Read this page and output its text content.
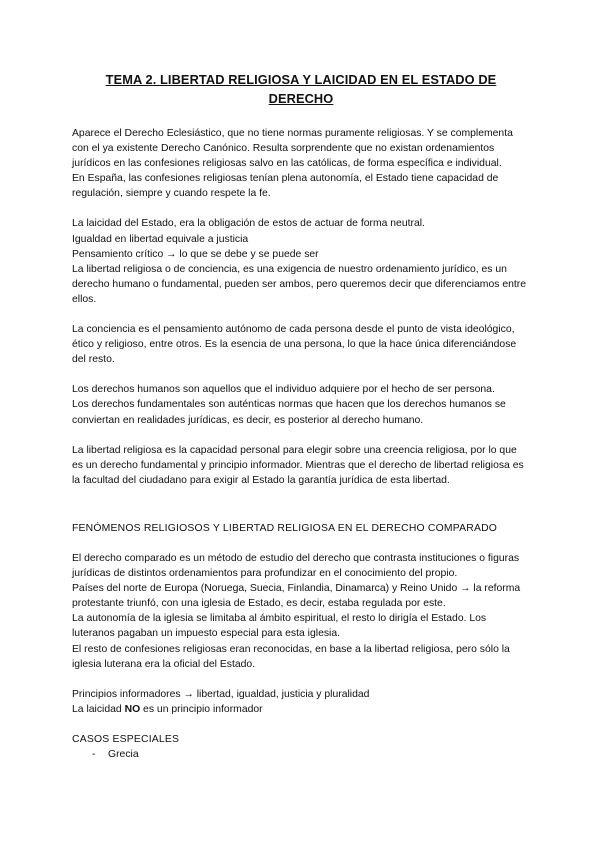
TEMA 2. LIBERTAD RELIGIOSA Y LAICIDAD EN EL ESTADO DE DERECHO

Aparece el Derecho Eclesiástico, que no tiene normas puramente religiosas. Y se complementa con el ya existente Derecho Canónico. Resulta sorprendente que no existan ordenamientos jurídicos en las confesiones religiosas salvo en las católicas, de forma específica e individual.

En España, las confesiones religiosas tenían plena autonomía, el Estado tiene capacidad de regulación, siempre y cuando respete la fe.

La laicidad del Estado, era la obligación de estos de actuar de forma neutral.

Igualdad en libertad equivale a justicia

Pensamiento crítico → lo que se debe y se puede ser

La libertad religiosa o de conciencia, es una exigencia de nuestro ordenamiento jurídico, es un derecho humano o fundamental, pueden ser ambos, pero queremos decir que diferenciamos entre ellos.

La conciencia es el pensamiento autónomo de cada persona desde el punto de vista ideológico, ético y religioso, entre otros. Es la esencia de una persona, lo que la hace única diferenciándose del resto.

Los derechos humanos son aquellos que el individuo adquiere por el hecho de ser persona.

Los derechos fundamentales son auténticas normas que hacen que los derechos humanos se conviertan en realidades jurídicas, es decir, es posterior al derecho humano.

La libertad religiosa es la capacidad personal para elegir sobre una creencia religiosa, por lo que es un derecho fundamental y principio informador. Mientras que el derecho de libertad religiosa es la facultad del ciudadano para exigir al Estado la garantía jurídica de esta libertad.

FENÓMENOS RELIGIOSOS Y LIBERTAD RELIGIOSA EN EL DERECHO COMPARADO

El derecho comparado es un método de estudio del derecho que contrasta instituciones o figuras jurídicas de distintos ordenamientos para profundizar en el conocimiento del propio.

Países del norte de Europa (Noruega, Suecia, Finlandia, Dinamarca) y Reino Unido → la reforma protestante triunfó, con una iglesia de Estado, es decir, estaba regulada por este.

La autonomía de la iglesia se limitaba al ámbito espiritual, el resto lo dirigía el Estado. Los luteranos pagaban un impuesto especial para esta iglesia.

El resto de confesiones religiosas eran reconocidas, en base a la libertad religiosa, pero sólo la iglesia luterana era la oficial del Estado.

Principios informadores → libertad, igualdad, justicia y pluralidad

La laicidad NO es un principio informador

CASOS ESPECIALES

- Grecia
